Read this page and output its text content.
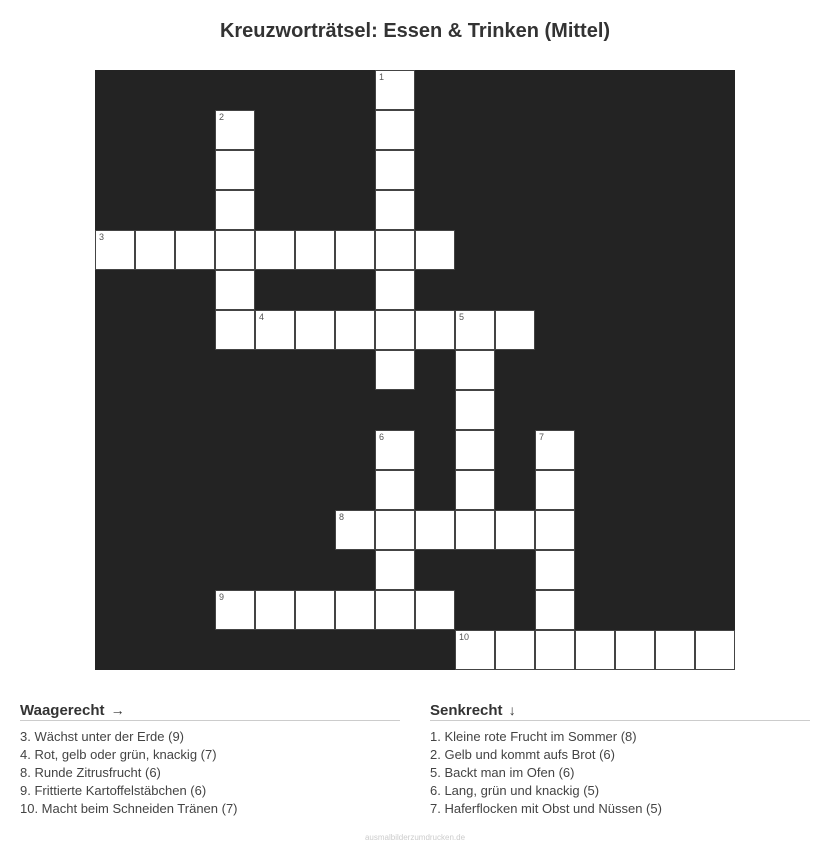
Kreuzworträtsel: Essen & Trinken (Mittel)
1
2
3
4	5
6	7
8
9
10
Waagerecht →
3. Wächst unter der Erde (9)
4. Rot, gelb oder grün, knackig (7)
8. Runde Zitrusfrucht (6)
9. Frittierte Kartoffelstäbchen (6)
10. Macht beim Schneiden Tränen (7)
Senkrecht ↓
1. Kleine rote Frucht im Sommer (8)
2. Gelb und kommt aufs Brot (6)
5. Backt man im Ofen (6)
6. Lang, grün und knackig (5)
7. Haferflocken mit Obst und Nüssen (5)
ausmalbilderzumdrucken.de
